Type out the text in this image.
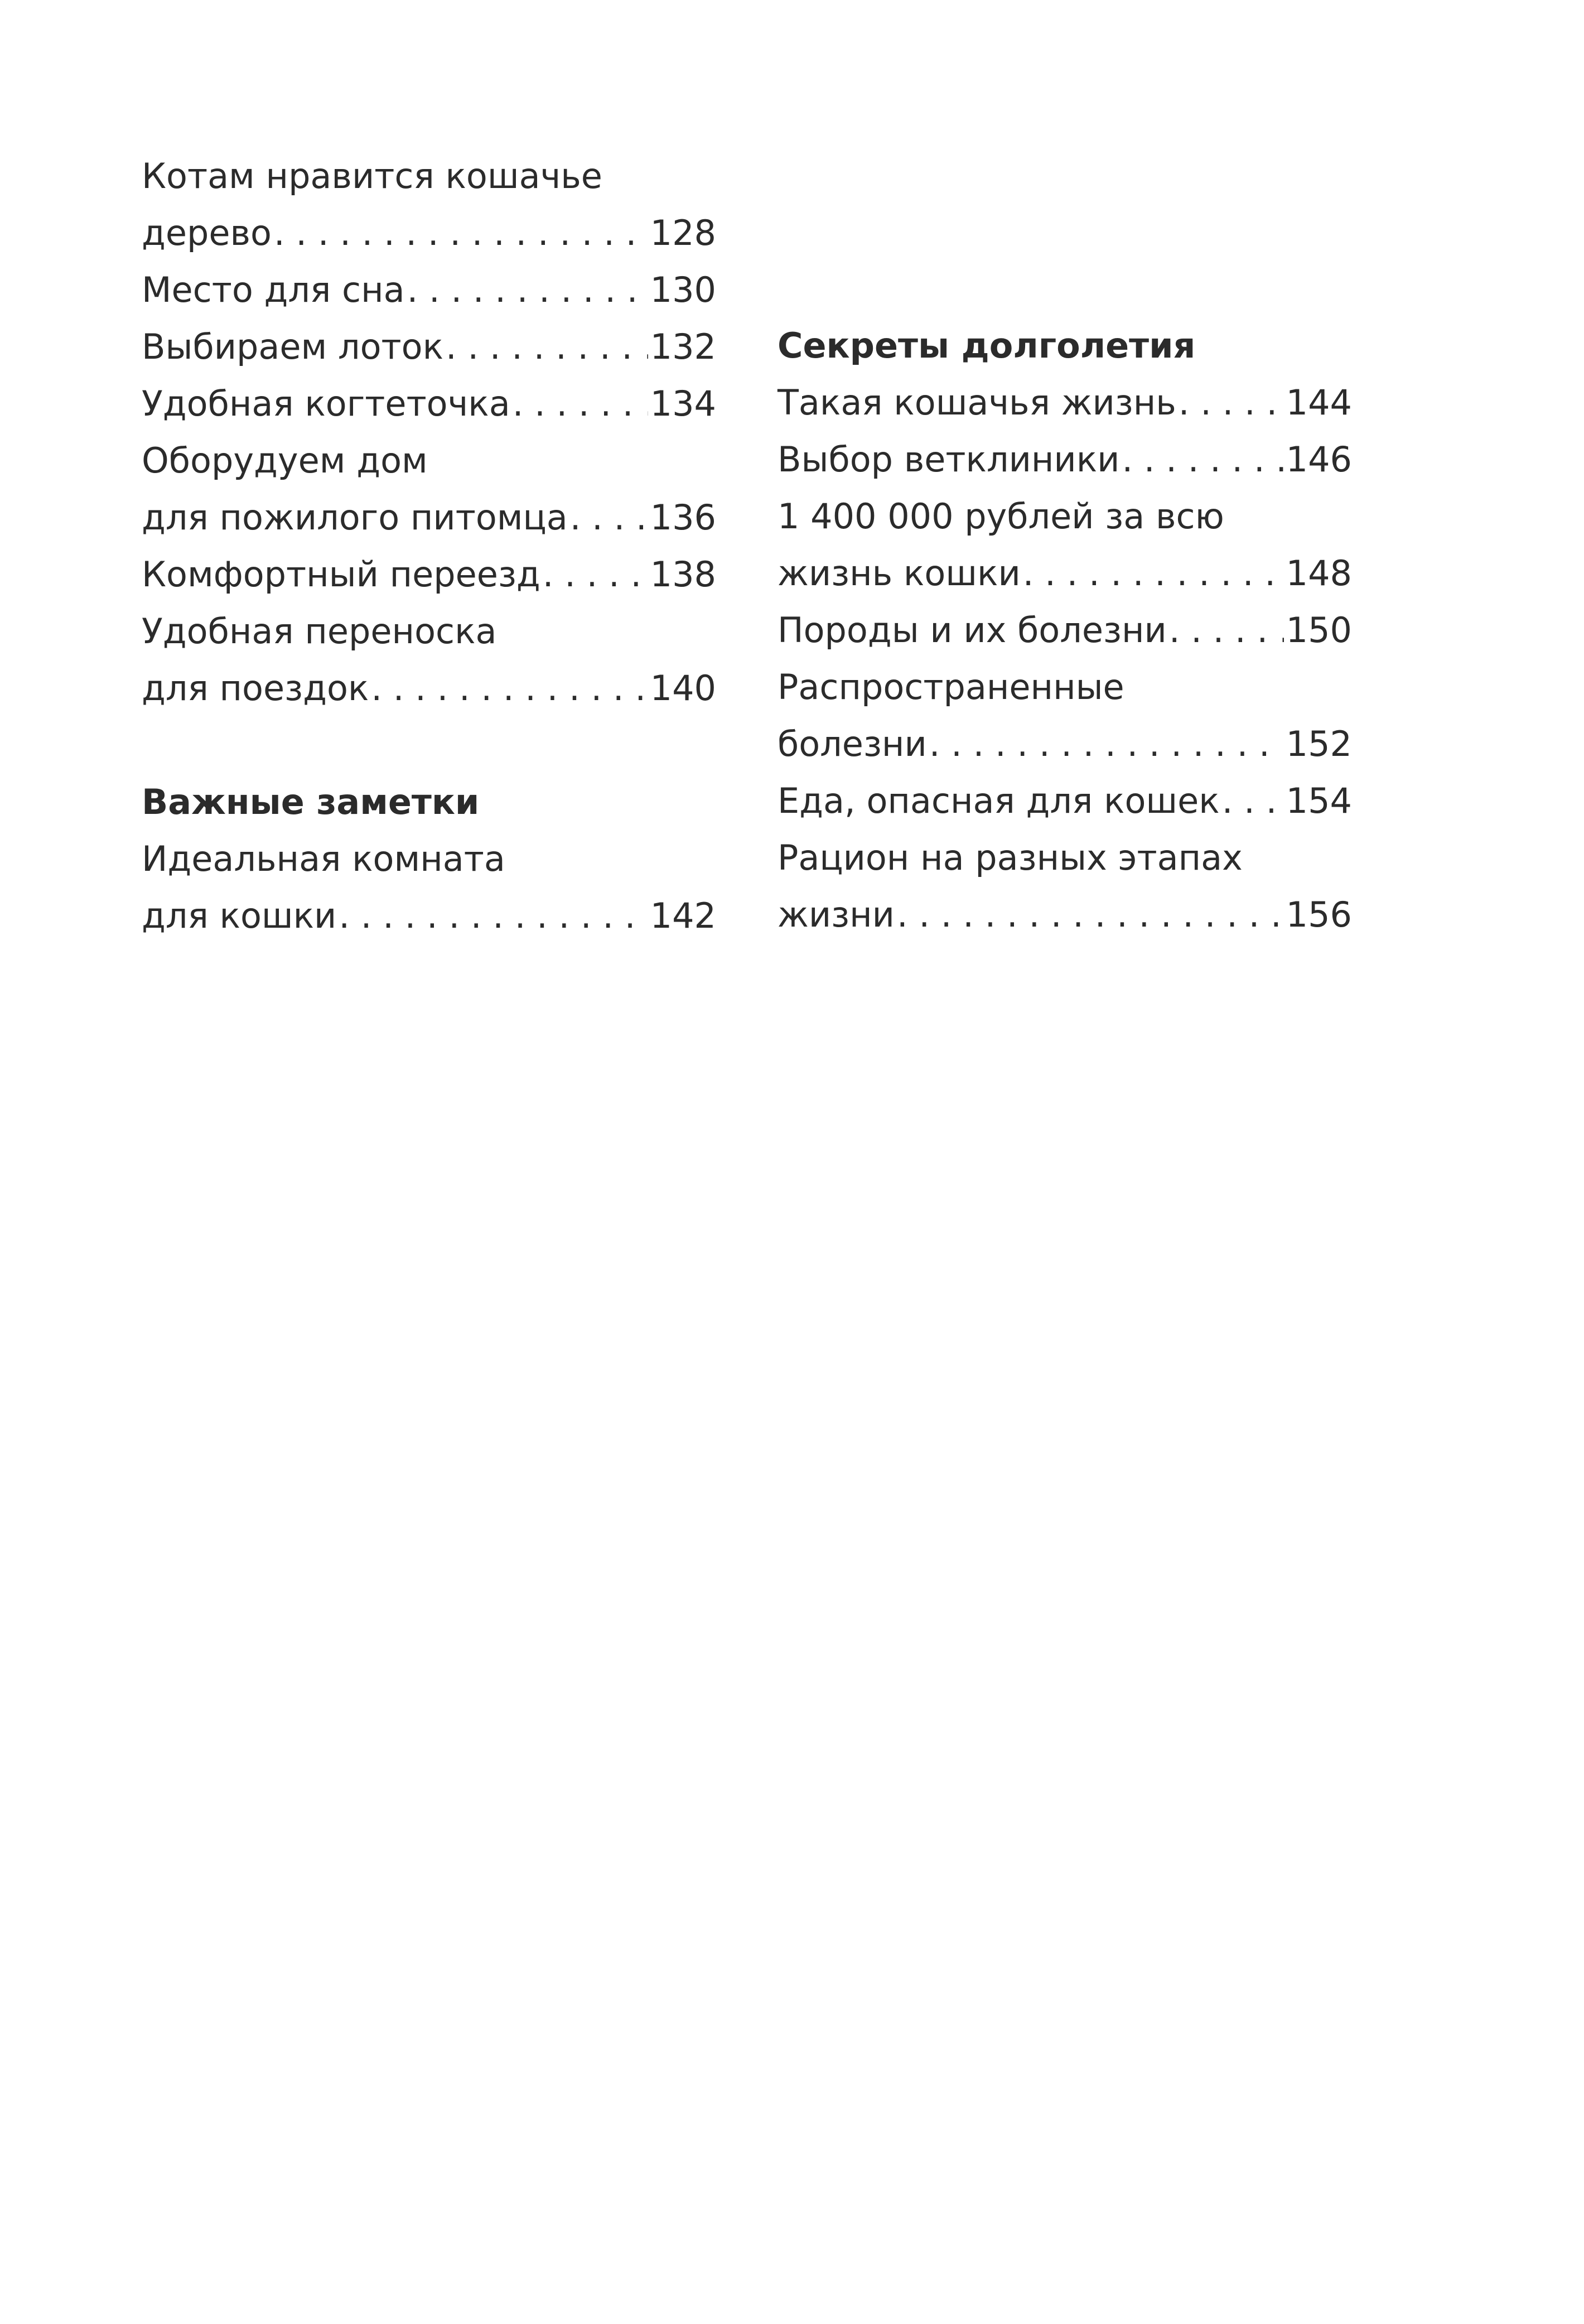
Котам нравится кошачье
дерево . . .	128
Место для сна . . .	130
Выбираем лоток . . .	132
Удобная когтеточка . . .	134
Оборудуем дом
для пожилого питомца . . . 136
Комфортный переезд . . .	138
Удобная переноска
для поездок . . .	140
Важные заметки
Идеальная комната
для кошки . . .	142
Секреты долголетия
Такая кошачья жизнь . . .	144
Выбор ветклиники . . .	146
1 400 000 рублей за всю
жизнь кошки . . .	148
Породы и их болезни . . .	150
Распространенные
болезни . . .	152
Еда, опасная для кошек . . . 154
Рацион на разных этапах
жизни . . .	156
